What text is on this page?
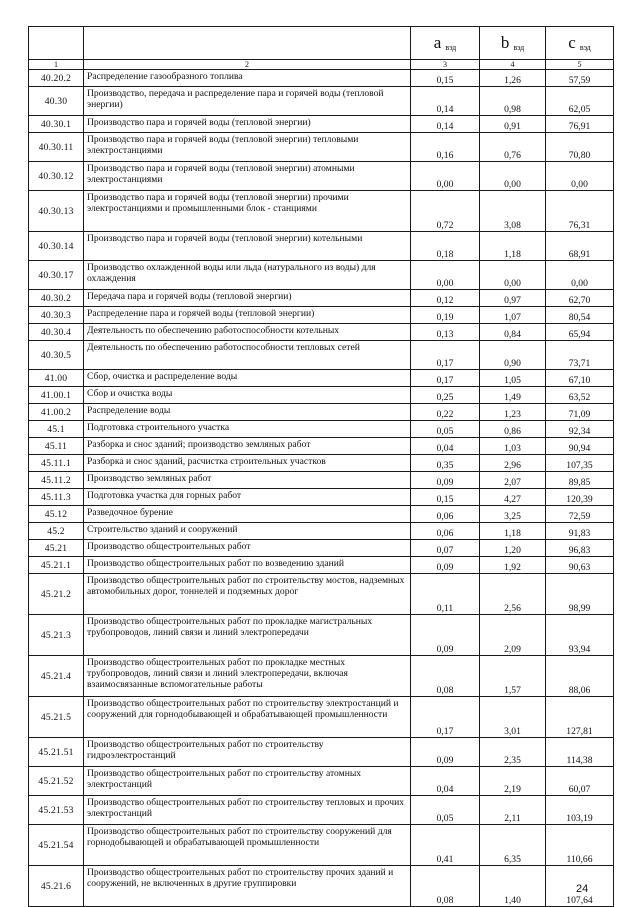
		a $_{вэд}$	b $_{вэд}$	c $_{вэд}$
1	2	3	4	5
40.20.2	Распределение газообразного топлива	0,15	1,26	57,59
40.30	Производство, передача и распределение пара и горячей воды (тепловой энергии)	0,14	0,98	62,05
40.30.1	Производство пара и горячей воды (тепловой энергии)	0,14	0,91	76,91
40.30.11	Производство пара и горячей воды (тепловой энергии) тепловыми электростанциями	0,16	0,76	70,80
40.30.12	Производство пара и горячей воды (тепловой энергии) атомными электростанциями	0,00	0,00	0,00
40.30.13	Производство пара и горячей воды (тепловой энергии) прочими электростанциями и промышленными блок - станциями	0,72	3,08	76,31
40.30.14	Производство пара и горячей воды (тепловой энергии) котельными	0,18	1,18	68,91
40.30.17	Производство охлажденной воды или льда (натурального из воды) для охлаждения	0,00	0,00	0,00
40.30.2	Передача пара и горячей воды (тепловой энергии)	0,12	0,97	62,70
40.30.3	Распределение пара и горячей воды (тепловой энергии)	0,19	1,07	80,54
40.30.4	Деятельность по обеспечению работоспособности котельных	0,13	0,84	65,94
40.30.5	Деятельность по обеспечению работоспособности тепловых сетей	0,17	0,90	73,71
41.00	Сбор, очистка и распределение воды	0,17	1,05	67,10
41.00.1	Сбор и очистка воды	0,25	1,49	63,52
41.00.2	Распределение воды	0,22	1,23	71,09
45.1	Подготовка строительного участка	0,05	0,86	92,34
45.11	Разборка и снос зданий; производство земляных работ	0,04	1,03	90,94
45.11.1	Разборка и снос зданий, расчистка строительных участков	0,35	2,96	107,35
45.11.2	Производство земляных работ	0,09	2,07	89,85
45.11.3	Подготовка участка для горных работ	0,15	4,27	120,39
45.12	Разведочное бурение	0,06	3,25	72,59
45.2	Строительство зданий и сооружений	0,06	1,18	91,83
45.21	Производство общестроительных работ	0,07	1,20	96,83
45.21.1	Производство общестроительных работ по возведению зданий	0,09	1,92	90,63
45.21.2	Производство общестроительных работ по строительству мостов, надземных автомобильных дорог, тоннелей и подземных дорог	0,11	2,56	98,99
45.21.3	Производство общестроительных работ по прокладке магистральных трубопроводов, линий связи и линий электропередачи	0,09	2,09	93,94
45.21.4	Производство общестроительных работ по прокладке местных трубопроводов, линий связи и линий электропередачи, включая взаимосвязанные вспомогательные работы	0,08	1,57	88,06
45.21.5	Производство общестроительных работ по строительству электростанций и сооружений для горнодобывающей и обрабатывающей промышленности	0,17	3,01	127,81
45.21.51	Производство общестроительных работ по строительству гидроэлектростанций	0,09	2,35	114,38
45.21.52	Производство общестроительных работ по строительству атомных электростанций	0,04	2,19	60,07
45.21.53	Производство общестроительных работ по строительству тепловых и прочих электростанций	0,05	2,11	103,19
45.21.54	Производство общестроительных работ по строительству сооружений для горнодобывающей и обрабатывающей промышленности	0,41	6,35	110,66
45.21.6	Производство общестроительных работ по строительству прочих зданий и сооружений, не включенных в другие группировки	0,08	1,40	107,64
24
